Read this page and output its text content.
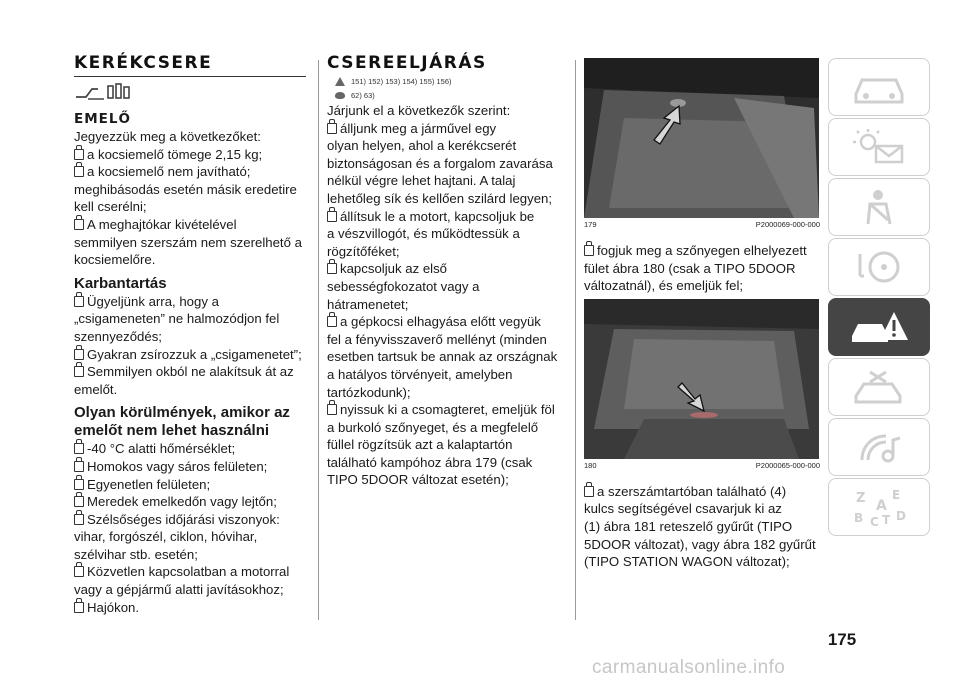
KERÉKCSERE
EMELŐ

Jegyezzük meg a következőket:

a kocsiemelő tömege 2,15 kg;

a kocsiemelő nem javítható;

meghibásodás esetén másik eredetire

kell cserélni;

A meghajtókar kivételével

semmilyen szerszám nem szerelhető a

kocsiemelőre.

Karbantartás

Ügyeljünk arra, hogy a

„csigameneten” ne halmozódjon fel

szennyeződés;

Gyakran zsírozzuk a „csigamenetet”;

Semmilyen okból ne alakítsuk át az

emelőt.

Olyan körülmények, amikor az
emelőt nem lehet használni

-40 °C alatti hőmérséklet;

Homokos vagy sáros felületen;

Egyenetlen felületen;

Meredek emelkedőn vagy lejtőn;

Szélsőséges időjárási viszonyok:

vihar, forgószél, ciklon, hóvihar,

szélvihar stb. esetén;

Közvetlen kapcsolatban a motorral

vagy a gépjármű alatti javításokhoz;

Hajókon.

CSEREELJÁRÁS
151) 152) 153) 154) 155) 156)
62) 63)

Járjunk el a következők szerint:

álljunk meg a járművel egy

olyan helyen, ahol a kerékcserét

biztonságosan és a forgalom zavarása

nélkül végre lehet hajtani. A talaj

lehetőleg sík és kellően szilárd legyen;

állítsuk le a motort, kapcsoljuk be

a vészvillogót, és működtessük a

rögzítőféket;

kapcsoljuk az első

sebességfokozatot vagy a

hátramenetet;

a gépkocsi elhagyása előtt vegyük

fel a fényvisszaverő mellényt (minden

esetben tartsuk be annak az országnak

a hatályos törvényeit, amelyben

tartózkodunk);

nyissuk ki a csomagteret, emeljük föl

a burkoló szőnyeget, és a megfelelő

füllel rögzítsük azt a kalaptartón

található kampóhoz ábra 179 (csak

TIPO 5DOOR változat esetén);

179	P2000069-000-000

fogjuk meg a szőnyegen elhelyezett

fület ábra 180 (csak a TIPO 5DOOR

változatnál), és emeljük fel;

180	P2000065-000-000

a szerszámtartóban található (4)

kulcs segítségével csavarjuk ki az

(1) ábra 181 reteszelő gyűrűt (TIPO

5DOOR változat), vagy ábra 182 gyűrűt

(TIPO STATION WAGON változat);

Z E
A
B C T D
175
carmanualsonline.info
